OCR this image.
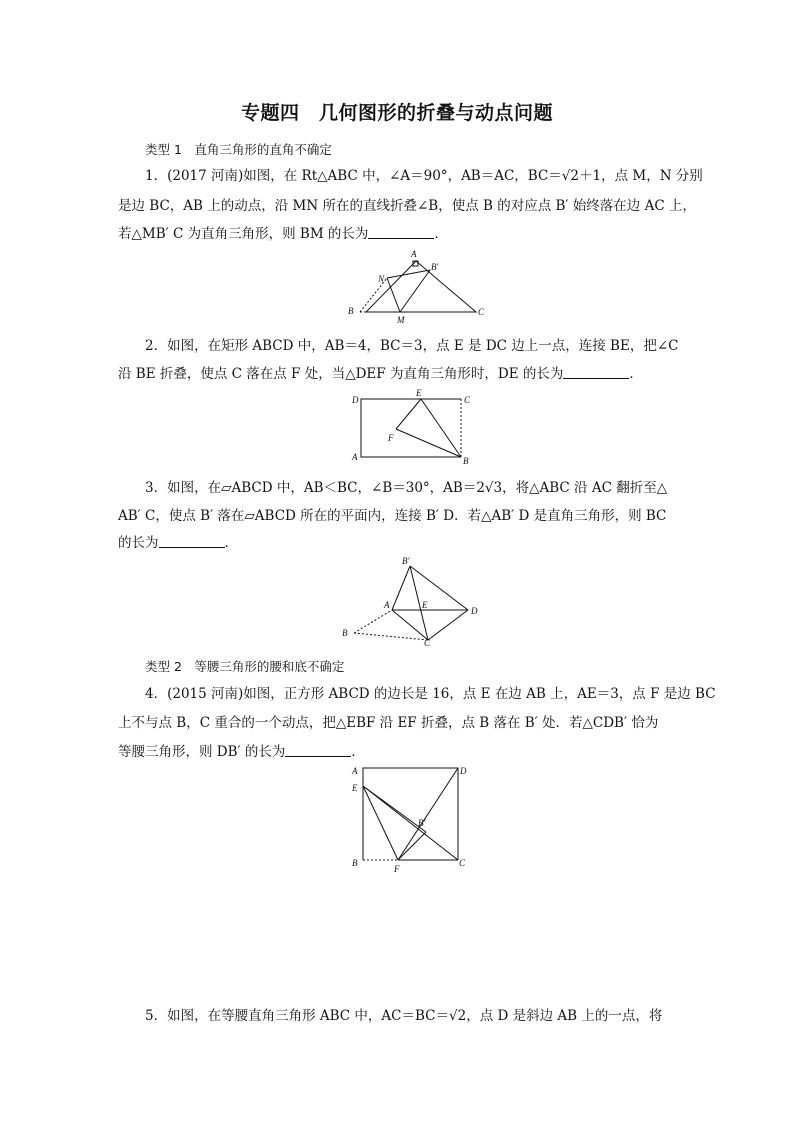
专题四　几何图形的折叠与动点问题
类型 1　直角三角形的直角不确定
1．(2017 河南)如图，在 Rt△ABC 中，∠A＝90°，AB＝AC，BC＝√2＋1，点 M，N 分别
是边 BC，AB 上的动点，沿 MN 所在的直线折叠∠B，使点 B 的对应点 B′ 始终落在边 AC 上，
若△MB′ C 为直角三角形，则 BM 的长为	．
A
B′
N
B
M
C
2．如图，在矩形 ABCD 中，AB＝4，BC＝3，点 E 是 DC 边上一点，连接 BE，把∠C
沿 BE 折叠，使点 C 落在点 F 处，当△DEF 为直角三角形时，DE 的长为	．
D
E
C
F
A	B
3．如图，在▱ABCD 中，AB＜BC，∠B＝30°，AB＝2√3，将△ABC 沿 AC 翻折至△
AB′ C，使点 B′ 落在▱ABCD 所在的平面内，连接 B′ D．若△AB′ D 是直角三角形，则 BC
的长为	．
B′
A	E
D
B
C
类型 2　等腰三角形的腰和底不确定
4．(2015 河南)如图，正方形 ABCD 的边长是 16，点 E 在边 AB 上，AE＝3，点 F 是边 BC
上不与点 B，C 重合的一个动点，把△EBF 沿 EF 折叠，点 B 落在 B′ 处．若△CDB′ 恰为
等腰三角形，则 DB′ 的长为	．
A	D
E
B′
B
F
C
5．如图，在等腰直角三角形 ABC 中，AC＝BC＝√2，点 D 是斜边 AB 上的一点，将
